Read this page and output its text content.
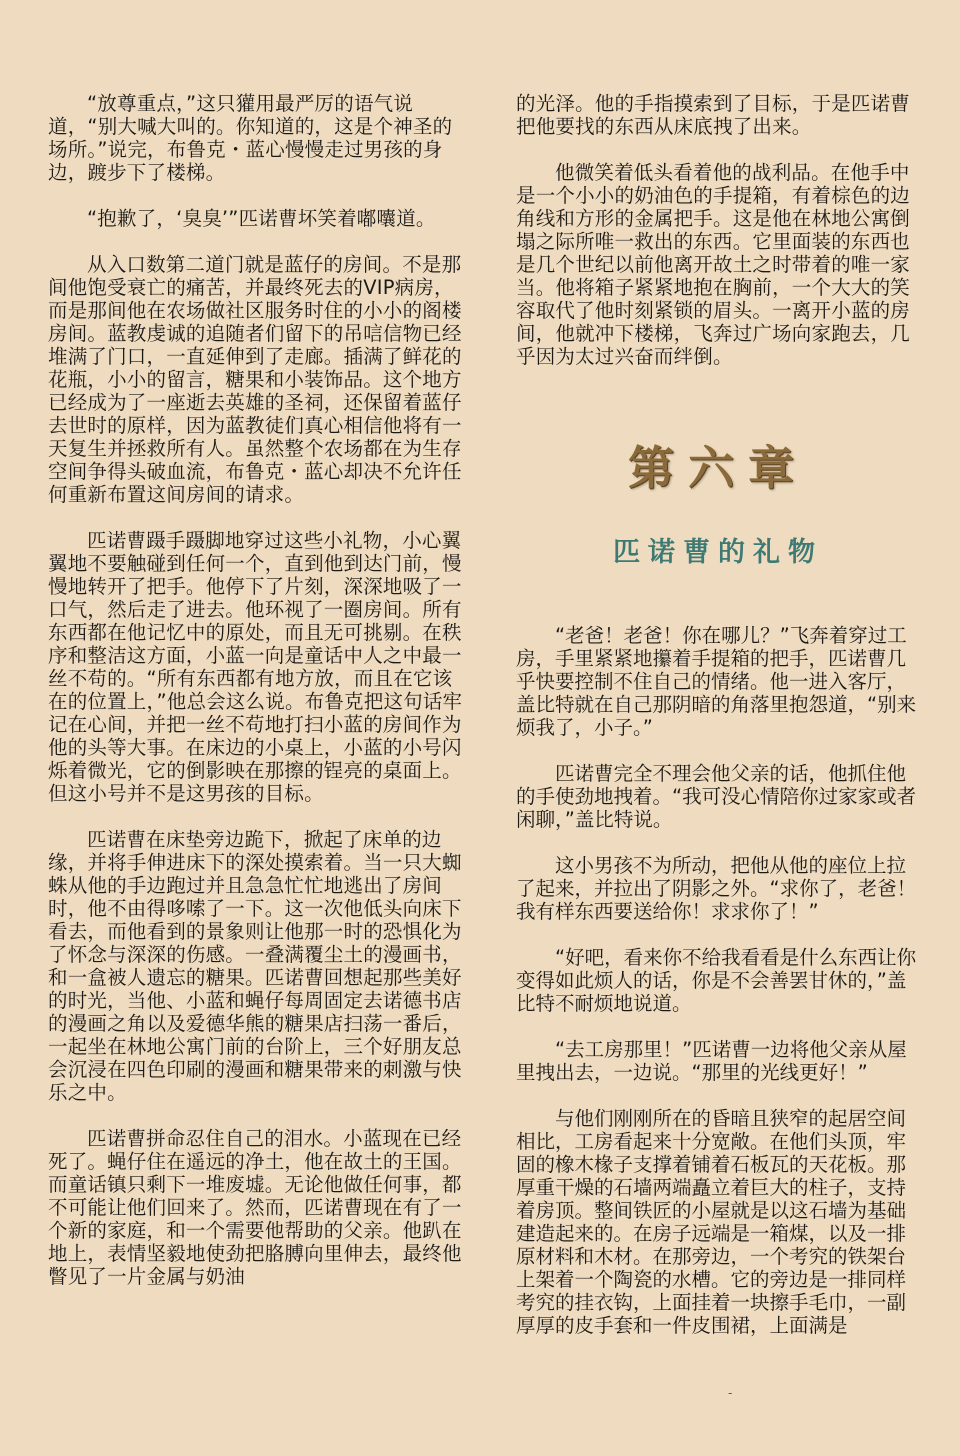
“放尊重点，”这只獾用最严厉的语气说道，“别大喊大叫的。你知道的，这是个神圣的场所。”说完，布鲁克・蓝心慢慢走过男孩的身边，踱步下了楼梯。

“抱歉了，‘臭臭’”匹诺曹坏笑着嘟囔道。

从入口数第二道门就是蓝仔的房间。不是那间他饱受衰亡的痛苦，并最终死去的VIP病房，而是那间他在农场做社区服务时住的小小的阁楼房间。蓝教虔诚的追随者们留下的吊唁信物已经堆满了门口，一直延伸到了走廊。插满了鲜花的花瓶，小小的留言，糖果和小装饰品。这个地方已经成为了一座逝去英雄的圣祠，还保留着蓝仔去世时的原样，因为蓝教徒们真心相信他将有一天复生并拯救所有人。虽然整个农场都在为生存空间争得头破血流，布鲁克・蓝心却决不允许任何重新布置这间房间的请求。

匹诺曹蹑手蹑脚地穿过这些小礼物，小心翼翼地不要触碰到任何一个，直到他到达门前，慢慢地转开了把手。他停下了片刻，深深地吸了一口气，然后走了进去。他环视了一圈房间。所有东西都在他记忆中的原处，而且无可挑剔。在秩序和整洁这方面，小蓝一向是童话中人之中最一丝不苟的。“所有东西都有地方放，而且在它该在的位置上，”他总会这么说。布鲁克把这句话牢记在心间，并把一丝不苟地打扫小蓝的房间作为他的头等大事。在床边的小桌上，小蓝的小号闪烁着微光，它的倒影映在那擦的锃亮的桌面上。但这小号并不是这男孩的目标。

匹诺曹在床垫旁边跪下，掀起了床单的边缘，并将手伸进床下的深处摸索着。当一只大蜘蛛从他的手边跑过并且急急忙忙地逃出了房间时，他不由得哆嗦了一下。这一次他低头向床下看去，而他看到的景象则让他那一时的恐惧化为了怀念与深深的伤感。一叠满覆尘土的漫画书，和一盒被人遗忘的糖果。匹诺曹回想起那些美好的时光，当他、小蓝和蝇仔每周固定去诺德书店的漫画之角以及爱德华熊的糖果店扫荡一番后，一起坐在林地公寓门前的台阶上，三个好朋友总会沉浸在四色印刷的漫画和糖果带来的刺激与快乐之中。

匹诺曹拼命忍住自己的泪水。小蓝现在已经死了。蝇仔住在遥远的净土，他在故土的王国。而童话镇只剩下一堆废墟。无论他做任何事，都不可能让他们回来了。然而，匹诺曹现在有了一个新的家庭，和一个需要他帮助的父亲。他趴在地上，表情坚毅地使劲把胳膊向里伸去，最终他瞥见了一片金属与奶油

的光泽。他的手指摸索到了目标，于是匹诺曹把他要找的东西从床底拽了出来。

他微笑着低头看着他的战利品。在他手中是一个小小的奶油色的手提箱，有着棕色的边角线和方形的金属把手。这是他在林地公寓倒塌之际所唯一救出的东西。它里面装的东西也是几个世纪以前他离开故土之时带着的唯一家当。他将箱子紧紧地抱在胸前，一个大大的笑容取代了他时刻紧锁的眉头。一离开小蓝的房间，他就冲下楼梯，飞奔过广场向家跑去，几乎因为太过兴奋而绊倒。

第六章
匹诺曹的礼物

“老爸！老爸！你在哪儿？”飞奔着穿过工房，手里紧紧地攥着手提箱的把手，匹诺曹几乎快要控制不住自己的情绪。他一进入客厅，盖比特就在自己那阴暗的角落里抱怨道，“别来烦我了，小子。”

匹诺曹完全不理会他父亲的话，他抓住他的手使劲地拽着。“我可没心情陪你过家家或者闲聊，”盖比特说。

这小男孩不为所动，把他从他的座位上拉了起来，并拉出了阴影之外。“求你了，老爸！我有样东西要送给你！求求你了！”

“好吧，看来你不给我看看是什么东西让你变得如此烦人的话，你是不会善罢甘休的，”盖比特不耐烦地说道。

“去工房那里！”匹诺曹一边将他父亲从屋里拽出去，一边说。“那里的光线更好！”

与他们刚刚所在的昏暗且狭窄的起居空间相比，工房看起来十分宽敞。在他们头顶，牢固的橡木椽子支撑着铺着石板瓦的天花板。那厚重干燥的石墙两端矗立着巨大的柱子，支持着房顶。整间铁匠的小屋就是以这石墙为基础建造起来的。在房子远端是一箱煤，以及一排原材料和木材。在那旁边，一个考究的铁架台上架着一个陶瓷的水槽。它的旁边是一排同样考究的挂衣钩，上面挂着一块擦手毛巾，一副厚厚的皮手套和一件皮围裙，上面满是

-
